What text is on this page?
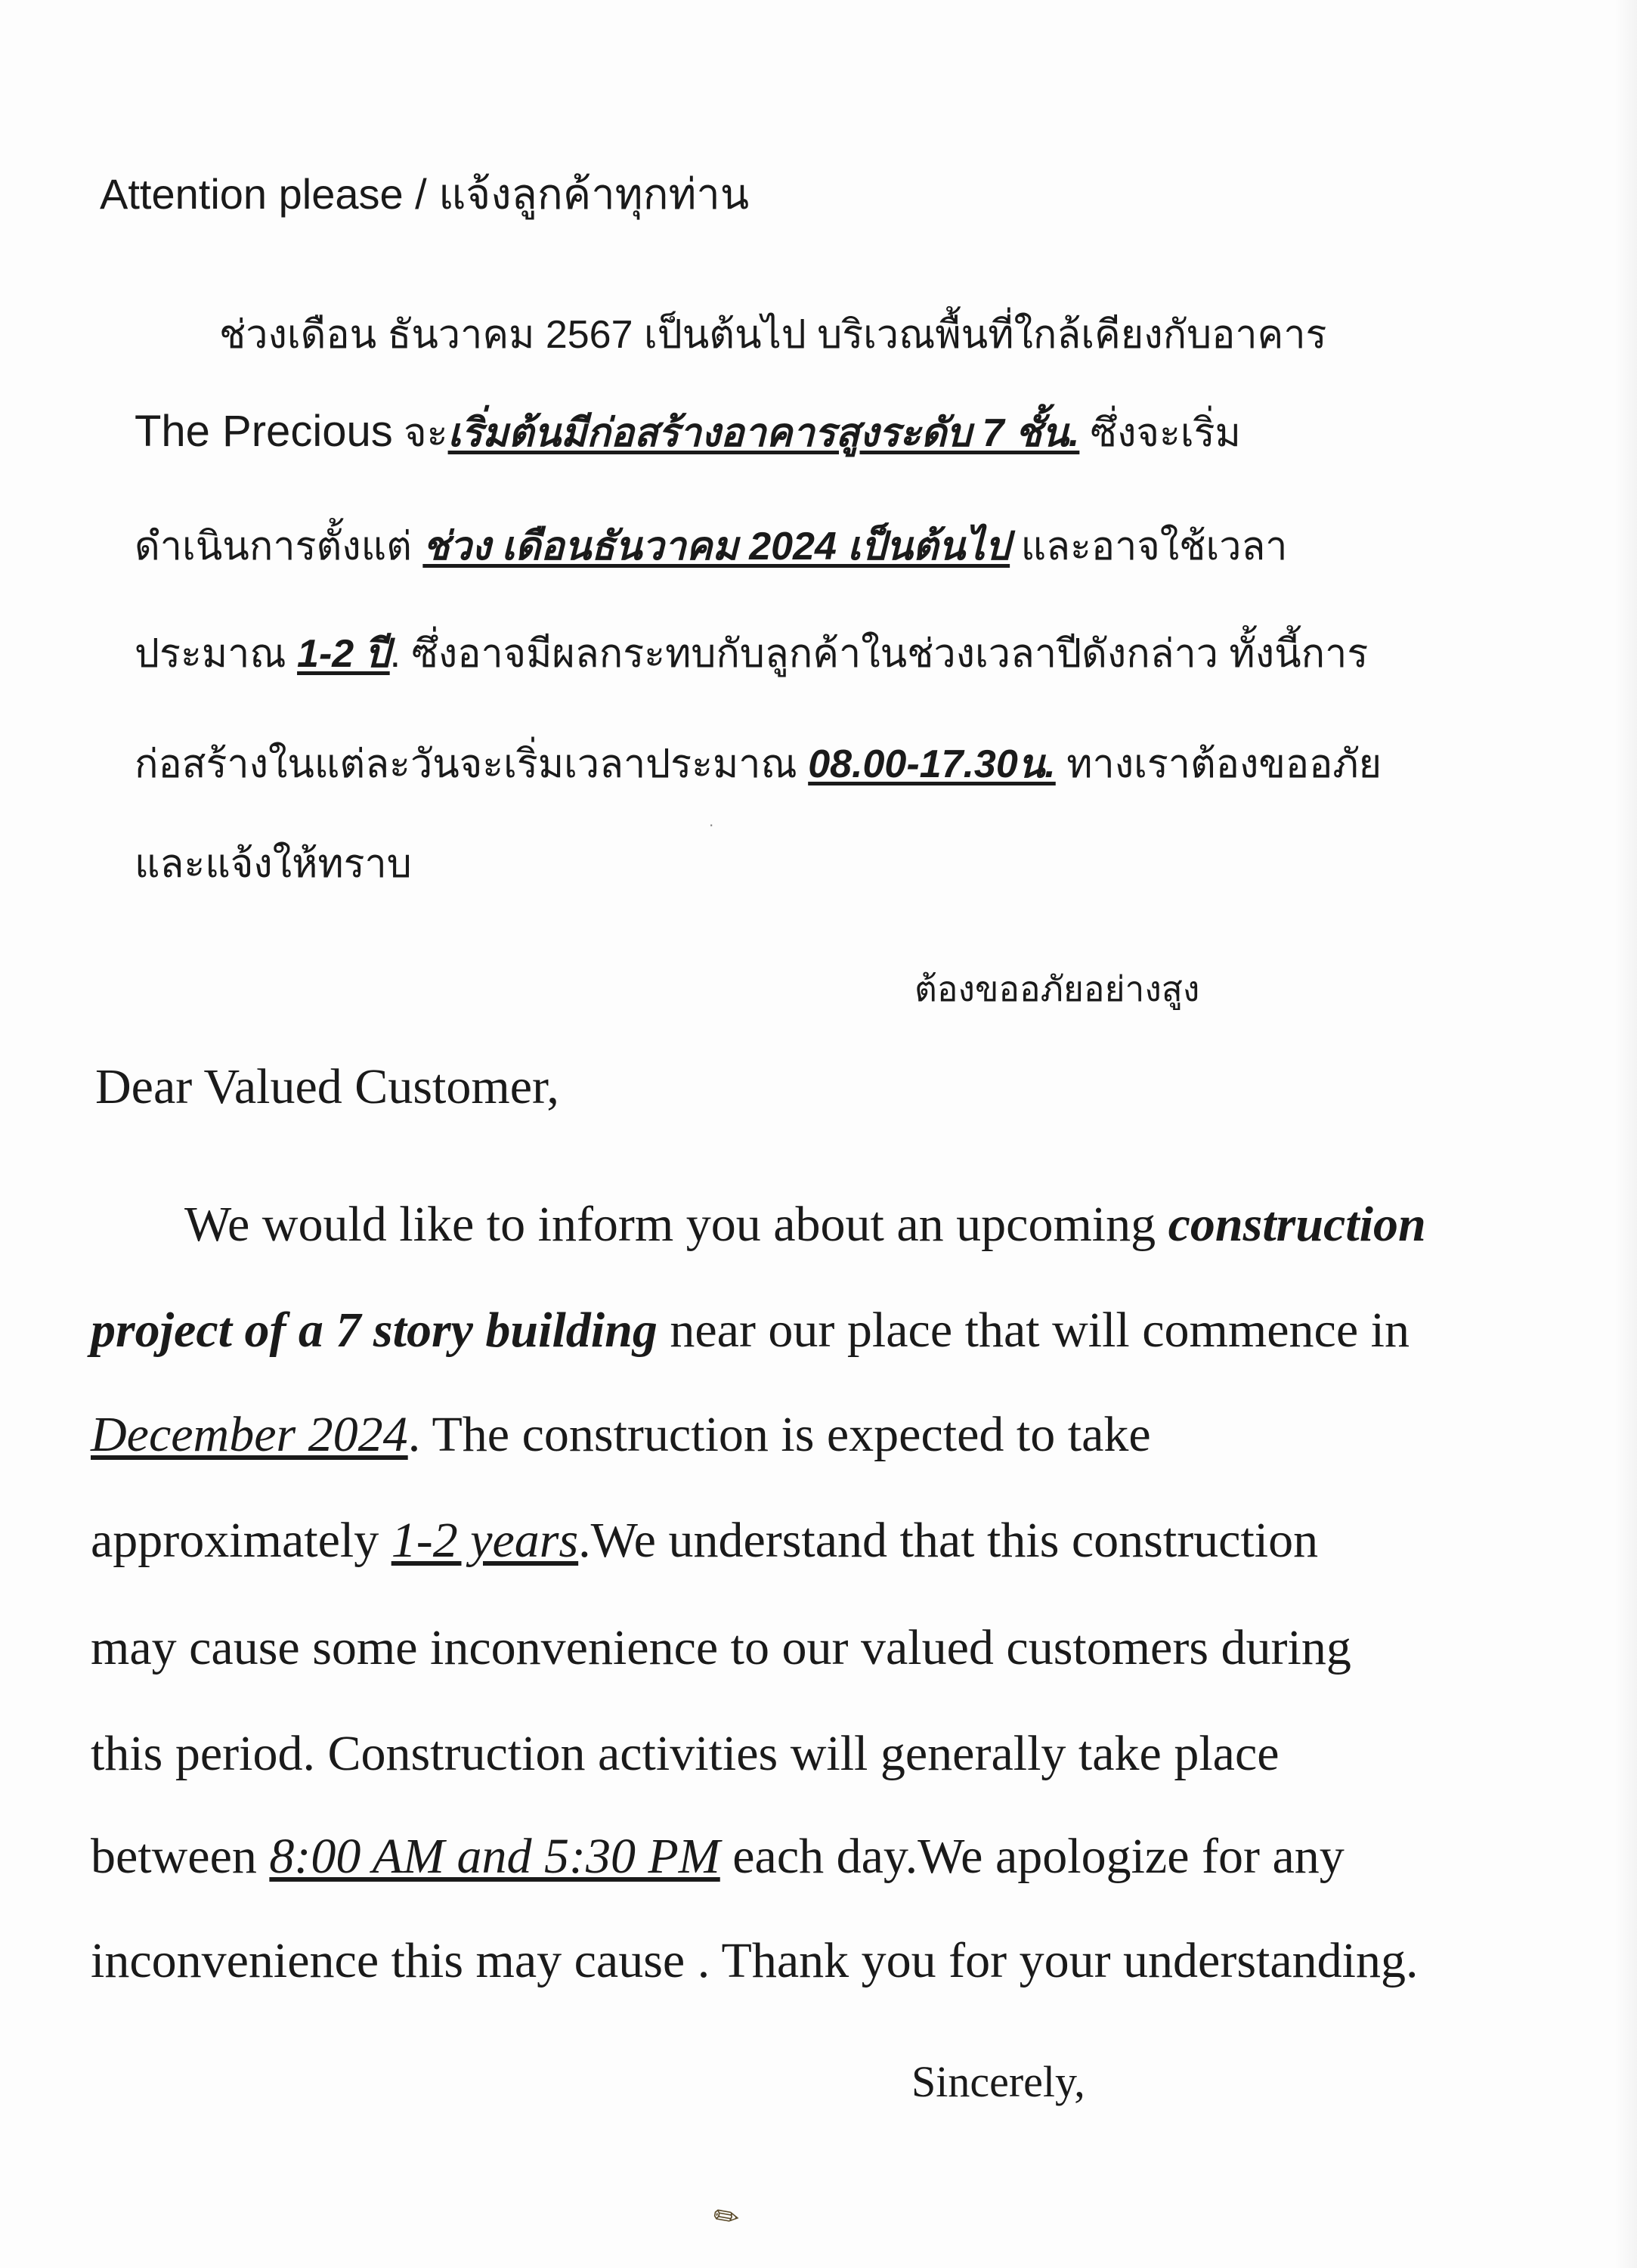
Attention please / แจ้งลูกค้าทุกท่าน
ช่วงเดือน ธันวาคม 2567 เป็นต้นไป บริเวณพื้นที่ใกล้เคียงกับอาคาร
The Precious จะเริ่มต้นมีก่อสร้างอาคารสูงระดับ 7 ชั้น. ซึ่งจะเริ่ม
ดำเนินการตั้งแต่ ช่วง เดือนธันวาคม 2024 เป็นต้นไป และอาจใช้เวลา
ประมาณ 1-2 ปี. ซึ่งอาจมีผลกระทบกับลูกค้าในช่วงเวลาปีดังกล่าว ทั้งนี้การ
ก่อสร้างในแต่ละวันจะเริ่มเวลาประมาณ 08.00-17.30น. ทางเราต้องขออภัย
และแจ้งให้ทราบ
ต้องขออภัยอย่างสูง
Dear Valued Customer,
We would like to inform you about an upcoming construction
project of a 7 story building near our place that will commence in
December 2024. The construction is expected to take
approximately 1-2 years.We understand that this construction
may cause some inconvenience to our valued customers during
this period. Construction activities will generally take place
between 8:00 AM and 5:30 PM each day.We apologize for any
inconvenience this may cause . Thank you for your understanding.
Sincerely,
✎
·
